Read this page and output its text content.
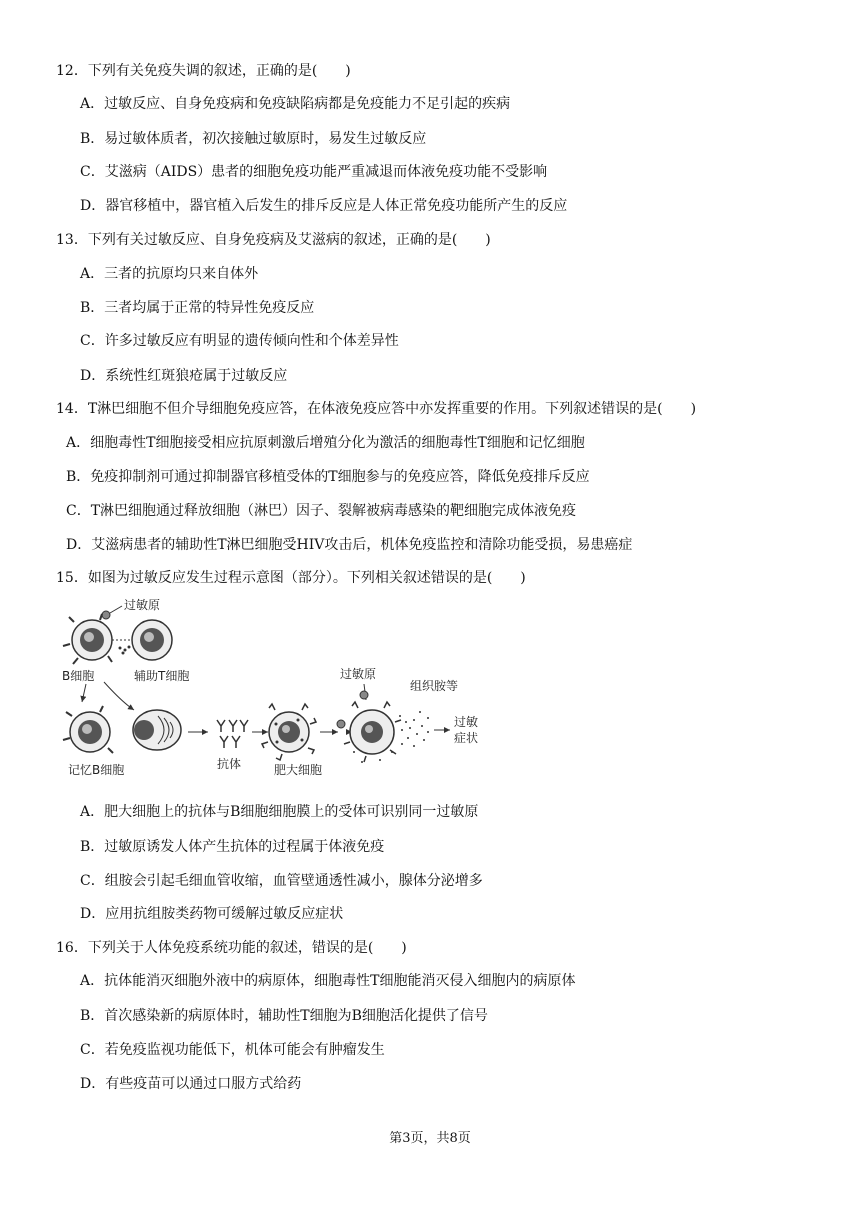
12．下列有关免疫失调的叙述，正确的是(　　)
A．过敏反应、自身免疫病和免疫缺陷病都是免疫能力不足引起的疾病
B．易过敏体质者，初次接触过敏原时，易发生过敏反应
C．艾滋病（AIDS）患者的细胞免疫功能严重减退而体液免疫功能不受影响
D．器官移植中，器官植入后发生的排斥反应是人体正常免疫功能所产生的反应
13．下列有关过敏反应、自身免疫病及艾滋病的叙述，正确的是(　　)
A．三者的抗原均只来自体外
B．三者均属于正常的特异性免疫反应
C．许多过敏反应有明显的遗传倾向性和个体差异性
D．系统性红斑狼疮属于过敏反应
14．T淋巴细胞不但介导细胞免疫应答，在体液免疫应答中亦发挥重要的作用。下列叙述错误的是(　　)
A．细胞毒性T细胞接受相应抗原刺激后增殖分化为激活的细胞毒性T细胞和记忆细胞
B．免疫抑制剂可通过抑制器官移植受体的T细胞参与的免疫应答，降低免疫排斥反应
C．T淋巴细胞通过释放细胞（淋巴）因子、裂解被病毒感染的靶细胞完成体液免疫
D．艾滋病患者的辅助性T淋巴细胞受HIV攻击后，机体免疫监控和清除功能受损，易患癌症
15．如图为过敏反应发生过程示意图（部分）。下列相关叙述错误的是(　　)
过敏原
B细胞	辅助T细胞
记忆B细胞	抗体	肥大细胞
过敏原
组织胺等
过敏
症状
A．肥大细胞上的抗体与B细胞细胞膜上的受体可识别同一过敏原
B．过敏原诱发人体产生抗体的过程属于体液免疫
C．组胺会引起毛细血管收缩，血管壁通透性减小，腺体分泌增多
D．应用抗组胺类药物可缓解过敏反应症状
16．下列关于人体免疫系统功能的叙述，错误的是(　　)
A．抗体能消灭细胞外液中的病原体，细胞毒性T细胞能消灭侵入细胞内的病原体
B．首次感染新的病原体时，辅助性T细胞为B细胞活化提供了信号
C．若免疫监视功能低下，机体可能会有肿瘤发生
D．有些疫苗可以通过口服方式给药
第3页，共8页
